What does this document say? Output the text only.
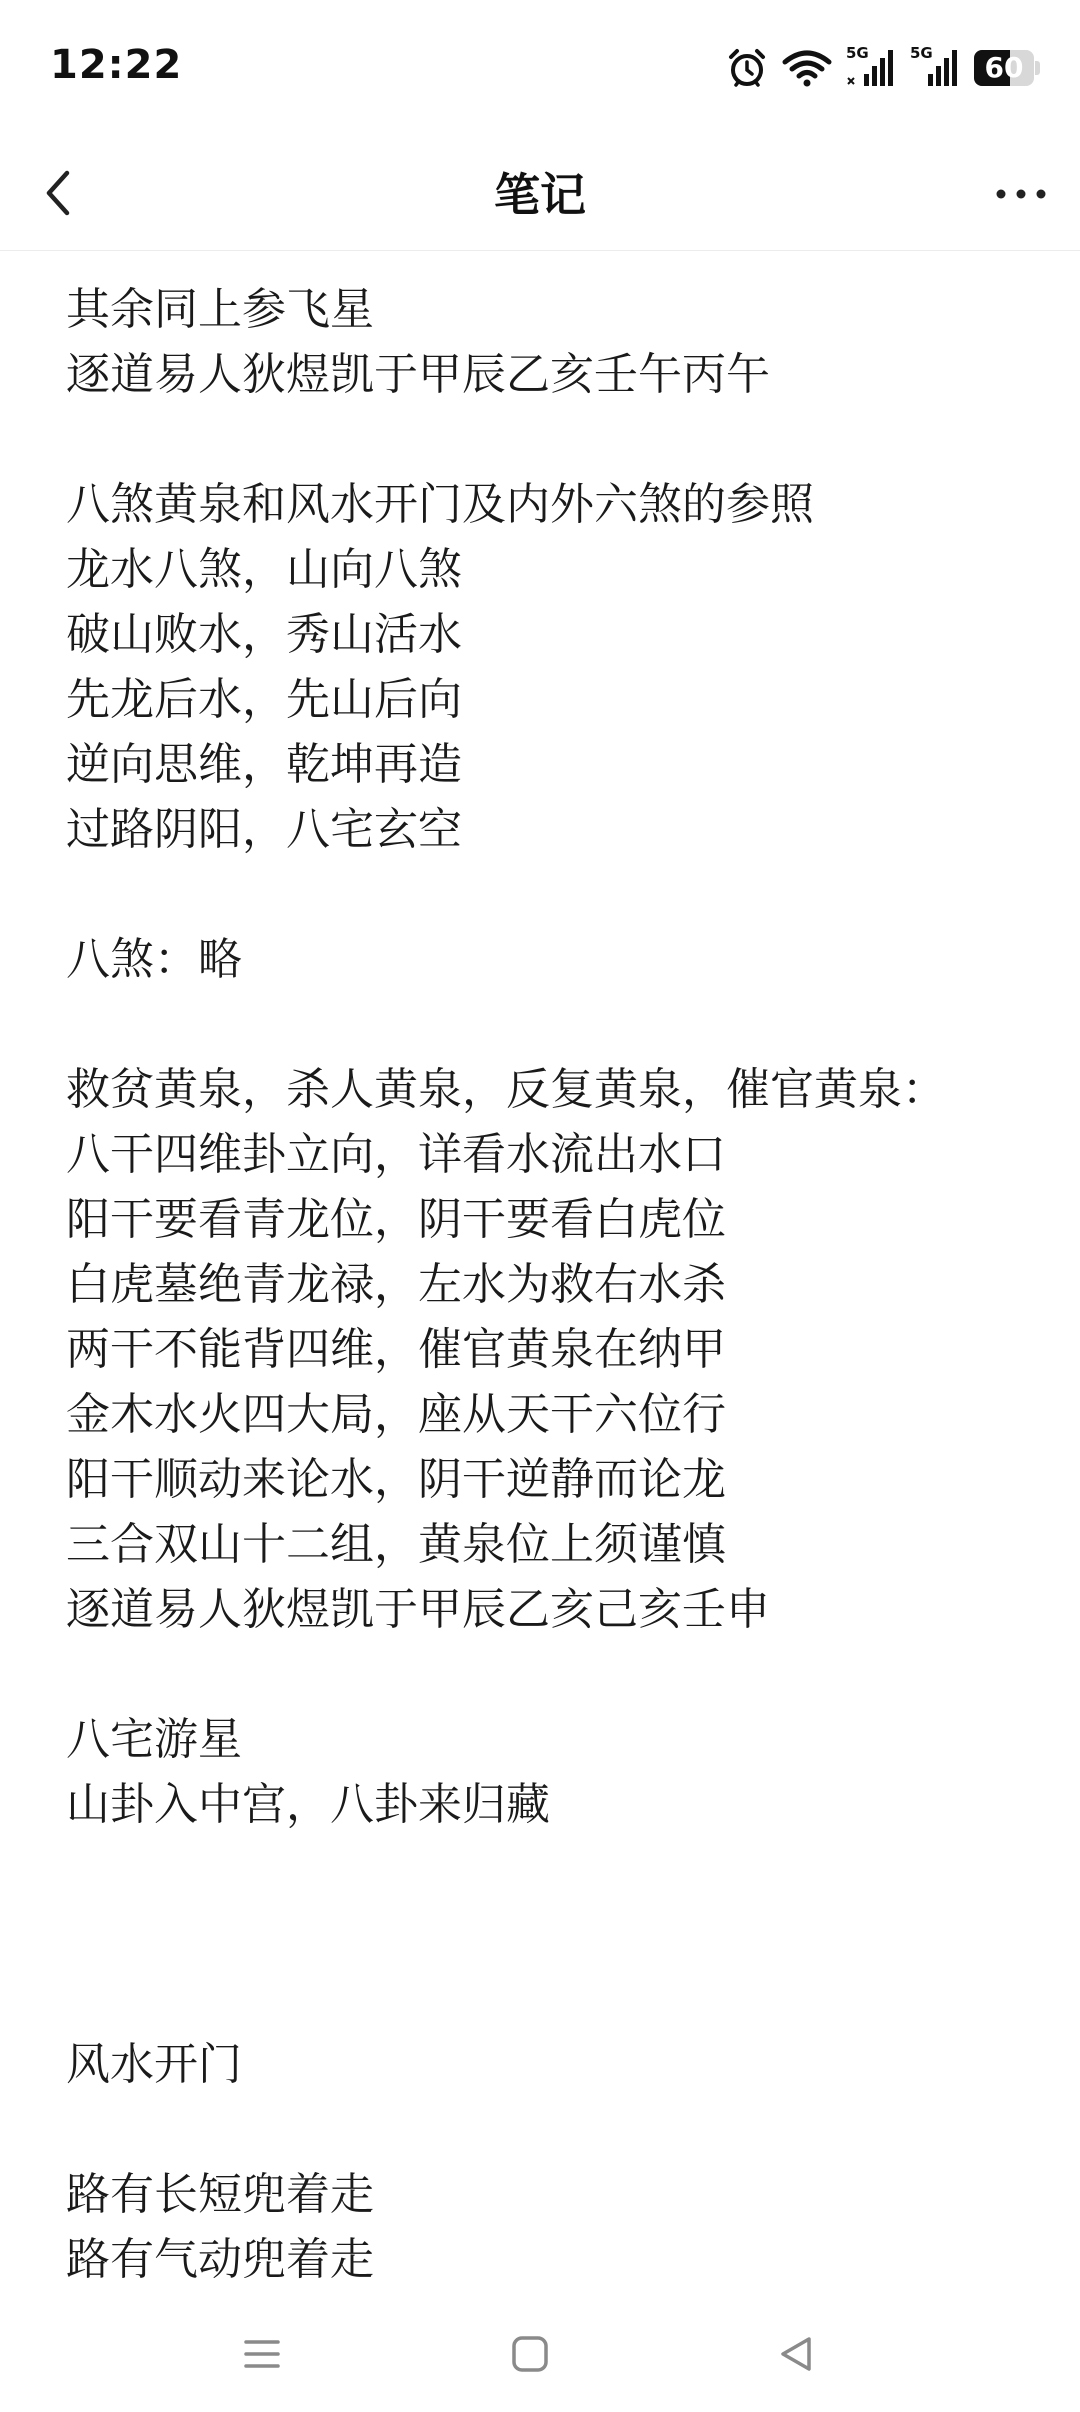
12:22	5G	5G	60
笔记
其余同上参飞星
逐道易人狄煜凯于甲辰乙亥壬午丙午
八煞黄泉和风水开门及内外六煞的参照
龙水八煞，山向八煞
破山败水，秀山活水
先龙后水，先山后向
逆向思维，乾坤再造
过路阴阳，八宅玄空
八煞：略
救贫黄泉，杀人黄泉，反复黄泉，催官黄泉：
八干四维卦立向，详看水流出水口
阳干要看青龙位，阴干要看白虎位
白虎墓绝青龙禄，左水为救右水杀
两干不能背四维，催官黄泉在纳甲
金木水火四大局，座从天干六位行
阳干顺动来论水，阴干逆静而论龙
三合双山十二组，黄泉位上须谨慎
逐道易人狄煜凯于甲辰乙亥己亥壬申
八宅游星
山卦入中宫，八卦来归藏
风水开门
路有长短兜着走
路有气动兜着走
